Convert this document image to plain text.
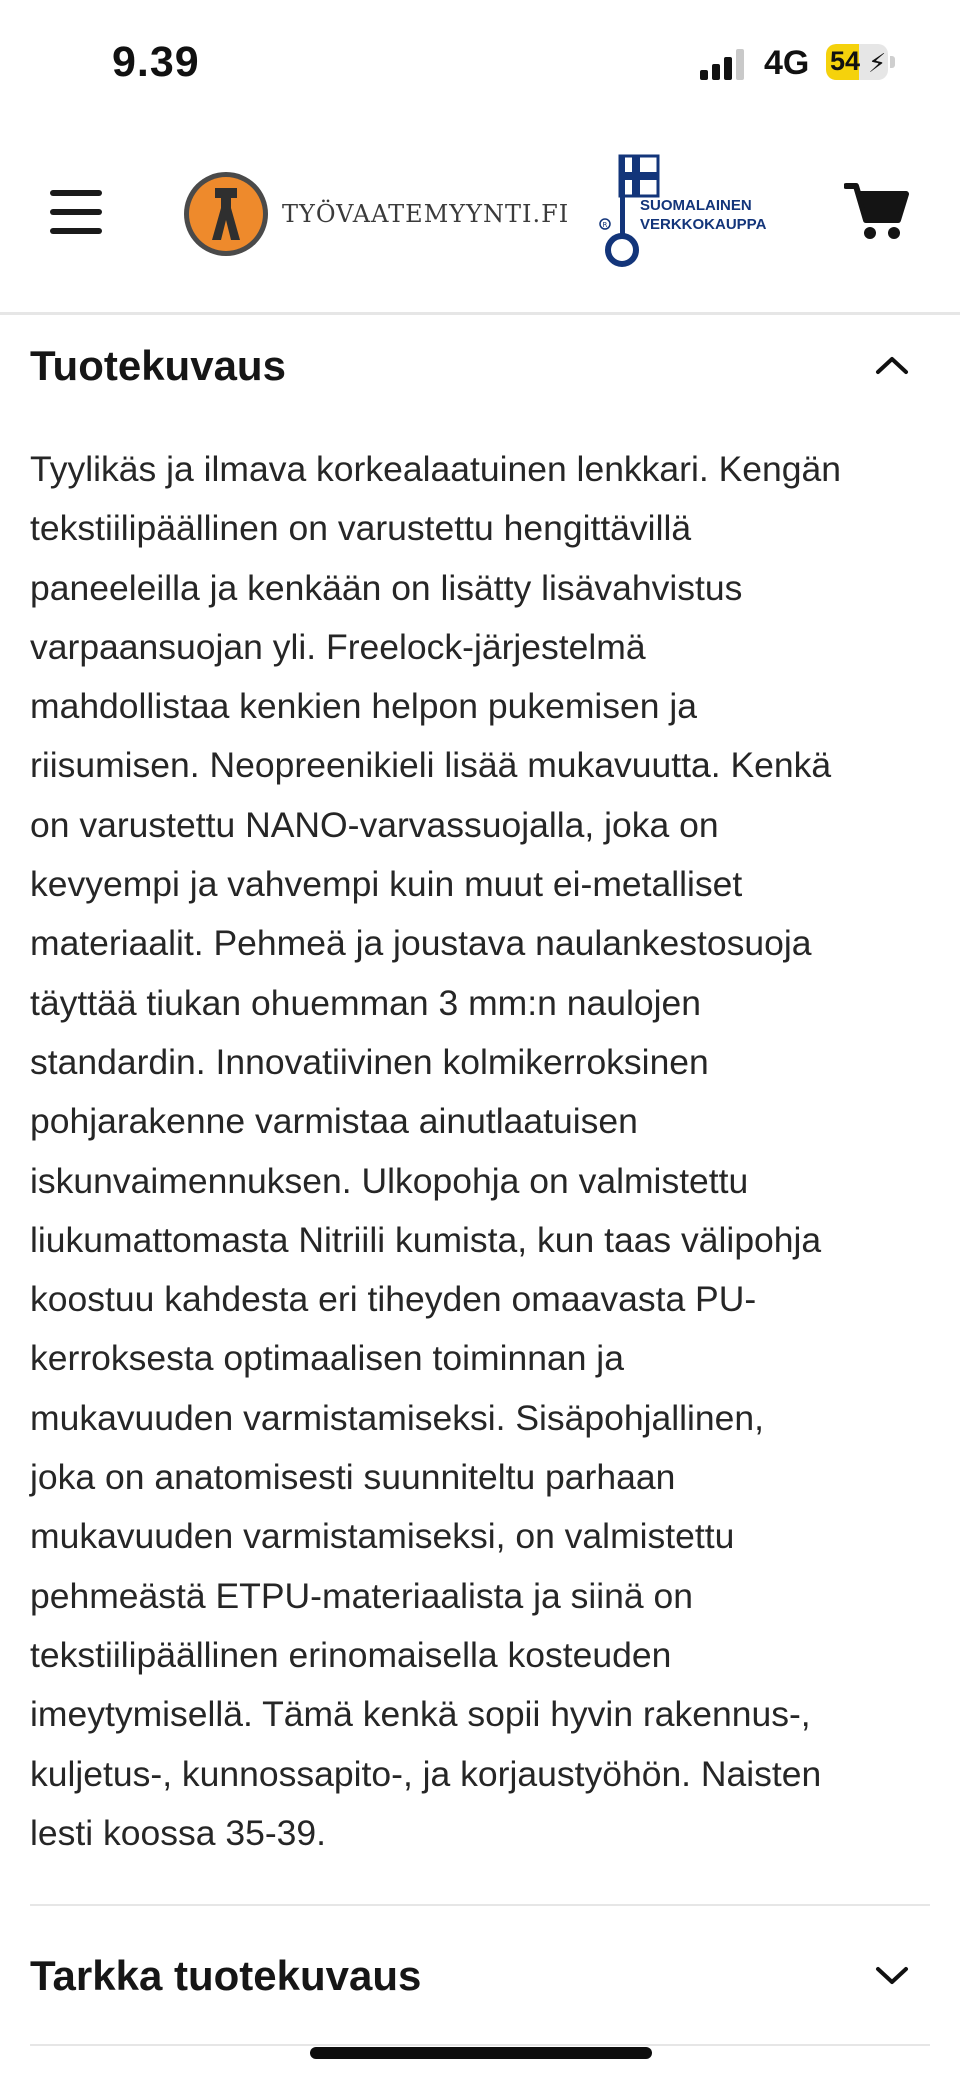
9.39	4G 54 ⚡
TYÖVAATEMYYNTI.FI	R
SUOMALAINEN
VERKKOKAUPPA
Tuotekuvaus
Tyylikäs ja ilmava korkealaatuinen lenkkari. Kengän
tekstiilipäällinen on varustettu hengittävillä
paneeleilla ja kenkään on lisätty lisävahvistus
varpaansuojan yli. Freelock-järjestelmä
mahdollistaa kenkien helpon pukemisen ja
riisumisen. Neopreenikieli lisää mukavuutta. Kenkä
on varustettu NANO-varvassuojalla, joka on
kevyempi ja vahvempi kuin muut ei-metalliset
materiaalit. Pehmeä ja joustava naulankestosuoja
täyttää tiukan ohuemman 3 mm:n naulojen
standardin. Innovatiivinen kolmikerroksinen
pohjarakenne varmistaa ainutlaatuisen
iskunvaimennuksen. Ulkopohja on valmistettu
liukumattomasta Nitriili kumista, kun taas välipohja
koostuu kahdesta eri tiheyden omaavasta PU-
kerroksesta optimaalisen toiminnan ja
mukavuuden varmistamiseksi. Sisäpohjallinen,
joka on anatomisesti suunniteltu parhaan
mukavuuden varmistamiseksi, on valmistettu
pehmeästä ETPU-materiaalista ja siinä on
tekstiilipäällinen erinomaisella kosteuden
imeytymisellä. Tämä kenkä sopii hyvin rakennus-,
kuljetus-, kunnossapito-, ja korjaustyöhön. Naisten
lesti koossa 35-39.
Tarkka tuotekuvaus
